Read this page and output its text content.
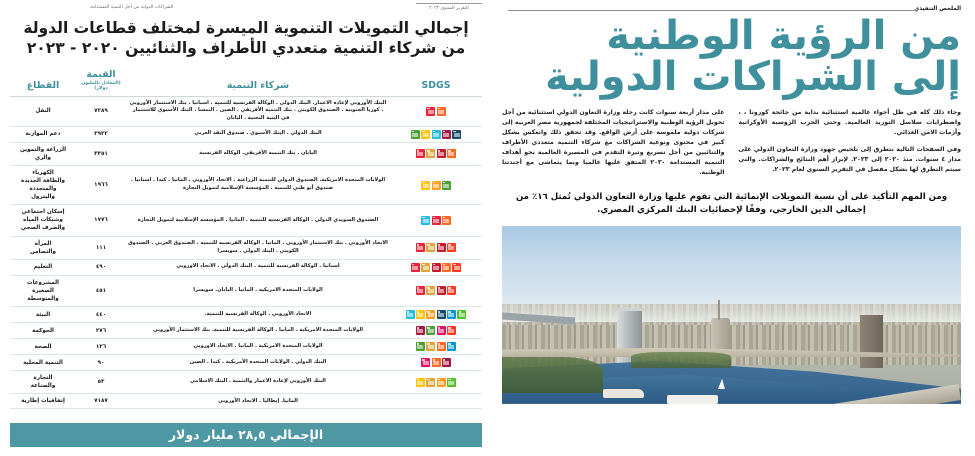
الملخص التنفيذي
من الرؤية الوطنية
إلى الشراكات الدولية

وجاء ذلك كله في ظل أجواء عالمية استثنائية بداية من جائحة كورونا ، ، واضطرابات سلاسل التوريد العالمية. وحتى الحرب الروسية الأوكرانية وأزمات الامن الغذائي.

وفي الصفحات التالية نتطرق إلى تلخيص جهود وزارة التعاون الدولي على مدار ٤ سنوات. منذ ٢٠٢٠ إلى ٢٠٢٣. لإبراز أهم النتائج والشراكات. والتي سيتم التطرق لها بشكل مفصل في التقرير السنوي لعام ٢٠٢٣.

على مدار أربعة سنوات كانت رحلة وزارة التعاون الدولي استثنائية من أجل تحويل الرؤية الوطنية والاستراتيجيات المختلفة لجمهورية مصر العربية إلى شركات دولية ملموسة على أرض الواقع. وقد تحقق ذلك وانعكس بشكل كبير في محتوى ونوعية الشراكات مع شركاء التنمية متعددي الأطراف والثنائيين من أجل تسريع وتيرة التقدم في المسيرة العالمية نحو أهداف التنمية المستدامة ٢٠٣٠ المتفق عليها عالميا وبما يتماشى مع أجندتنا الوطنية.

ومن المهم التأكيد على أن نسبة التمويلات الإنمائية التي تقوم عليها وزارة التعاون الدولي تُمثل ١٦٪ من إجمالي الدين الخارجي، وفقًا لإحصائيات البنك المركزي المصري.
الشراكات الدولية من أجل التنمية المستدامة	التقرير السنوي ٢٠٢٣
إجمالي التمويلات التنموية الميسرة لمختلف قطاعات الدولة
من شركاء التنمية متعددي الأطراف والثنائيين ٢٠٢٠ - ٢٠٢٣
SDGS	شركاء التنمية	القيمة
(المعادل بالمليون دولار)	القطاع

	البنك الأوروبي لإعادة الاعمار. البنك الدولي . الوكالة الفرنسية للتنمية . اسبانيا . بنك الاستثمار الأوروبي . كوريا الجنوبية . الصندوق الكويتي . بنك التنمية الأفريقي . الصين . النمسا . البنك الآسيوي للاستثمار في البنية التحتية . اليابان	٧٢٨٩	النقل

	البنك الدولي . البنك الآسيوي . صندوق النقد العربي	٣٩٢٢	دعم الموازنة

	اليابان . بنك التنمية الأفريقي. الوكالة الفرنسية	٣٣٥١	الزراعة والتموين
والري

	الولايات المتحدة الامريكية. الصندوق الدولي للتنمية الزراعية . الاتحاد الأوروبي . المانيا . كندا . اسبانيا . صندوق أبو ظبي للتنمية . المؤسسة الإسلامية لتمويل التجارة	١٩٦٦	الكهرباء
والطاقة الجديدة
والمتجددة
والبترول

	الصندوق السويدي الدولي . الوكالة الفرنسية للتنمية . المانيا . المؤسسة الإسلامية لتمويل التجارة	١٧٧٦	إسكان اجتماعي
وشبكات المياه
والصرف الصحي

	الاتحاد الأوروبي . بنك الاستثمار الأوروبي . المانيا . الوكالة الفرنسية للتنمية . الصندوق العربي . الصندوق الكويتي . البنك الدولي . سويسرا	١١١	المرأة
والتضامن

	اسبانيا . الوكالة الفرنسية للتنمية . البنك الدولي . الاتحاد الاوروبي	٤٩٠	التعليم

	الولايات المتحدة الامريكية . المانيا . اليابان. سويسرا	٤٥١	المشروعات
الصغيرة
والمتوسطة

	الاتحاد الأوروبي . الوكالة الفرنسية للتنمية.	٤٤٠	البيئة

	الولايات المتحدة الامريكية ـ المانيا . الوكالة الفرنسية للتنمية. بنك الاستثمار الأوروبي	٢٧٦	الحوكمة

	الولايات المتحدة الامريكية . المانيا . الاتحاد الاوروبي	١٣٦	الصحة

	البنك الدولي . الولايات المتحدة الأمريكية . كندا . الصين	٩٠	التنمية المحلية

	البنك الأوروبي لإعادة الاعمار والتنمية . البنك الاسلامي	٥٣	التجارة
والصناعة

	المانيا. إيطاليا . الاتحاد الأوروبي	٧١٨٧	إتفاقيات إطارية
الإجمالي ٢٨,٥ مليار دولار
